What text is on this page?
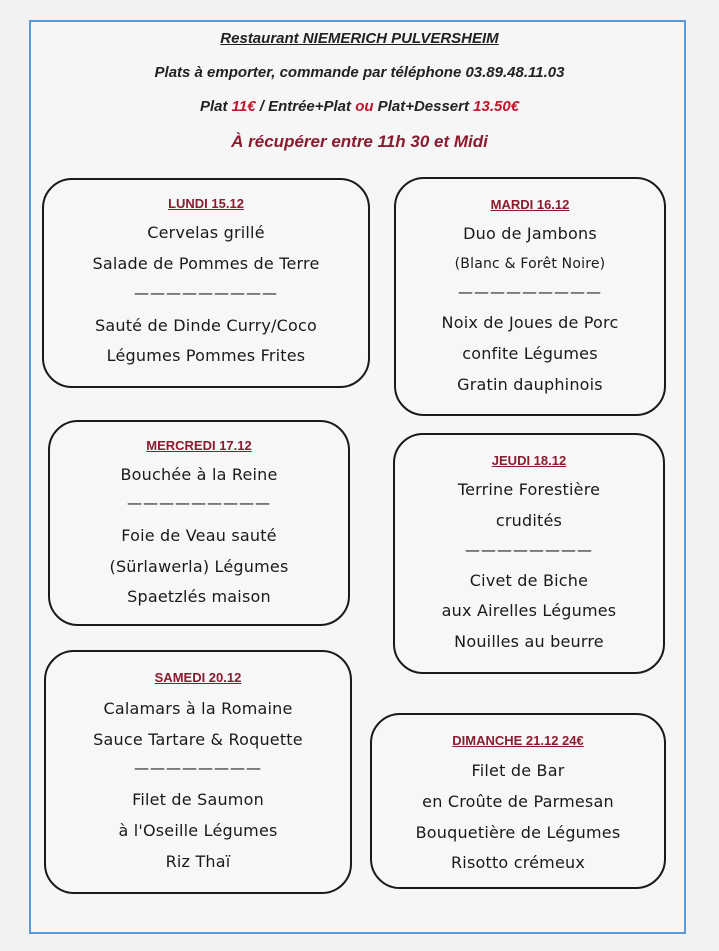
Restaurant NIEMERICH PULVERSHEIM
Plats à emporter, commande par téléphone 03.89.48.11.03
Plat 11€ / Entrée+Plat ou Plat+Dessert 13.50€
À récupérer entre 11h 30 et Midi
LUNDI 15.12
Cervelas grillé
Salade de Pommes de Terre
—————————
Sauté de Dinde Curry/Coco
Légumes Pommes Frites
MARDI 16.12
Duo de Jambons
(Blanc & Forêt Noire)
—————————
Noix de Joues de Porc
confite Légumes
Gratin dauphinois
MERCREDI 17.12
Bouchée à la Reine
—————————
Foie de Veau sauté
(Sürlawerla) Légumes
Spaetzlés maison
JEUDI 18.12
Terrine Forestière
crudités
————————
Civet de Biche
aux Airelles Légumes
Nouilles au beurre
SAMEDI 20.12
Calamars à la Romaine
Sauce Tartare & Roquette
————————
Filet de Saumon
à l'Oseille Légumes
Riz Thaï
DIMANCHE 21.12 24€
Filet de Bar
en Croûte de Parmesan
Bouquetière de Légumes
Risotto crémeux
